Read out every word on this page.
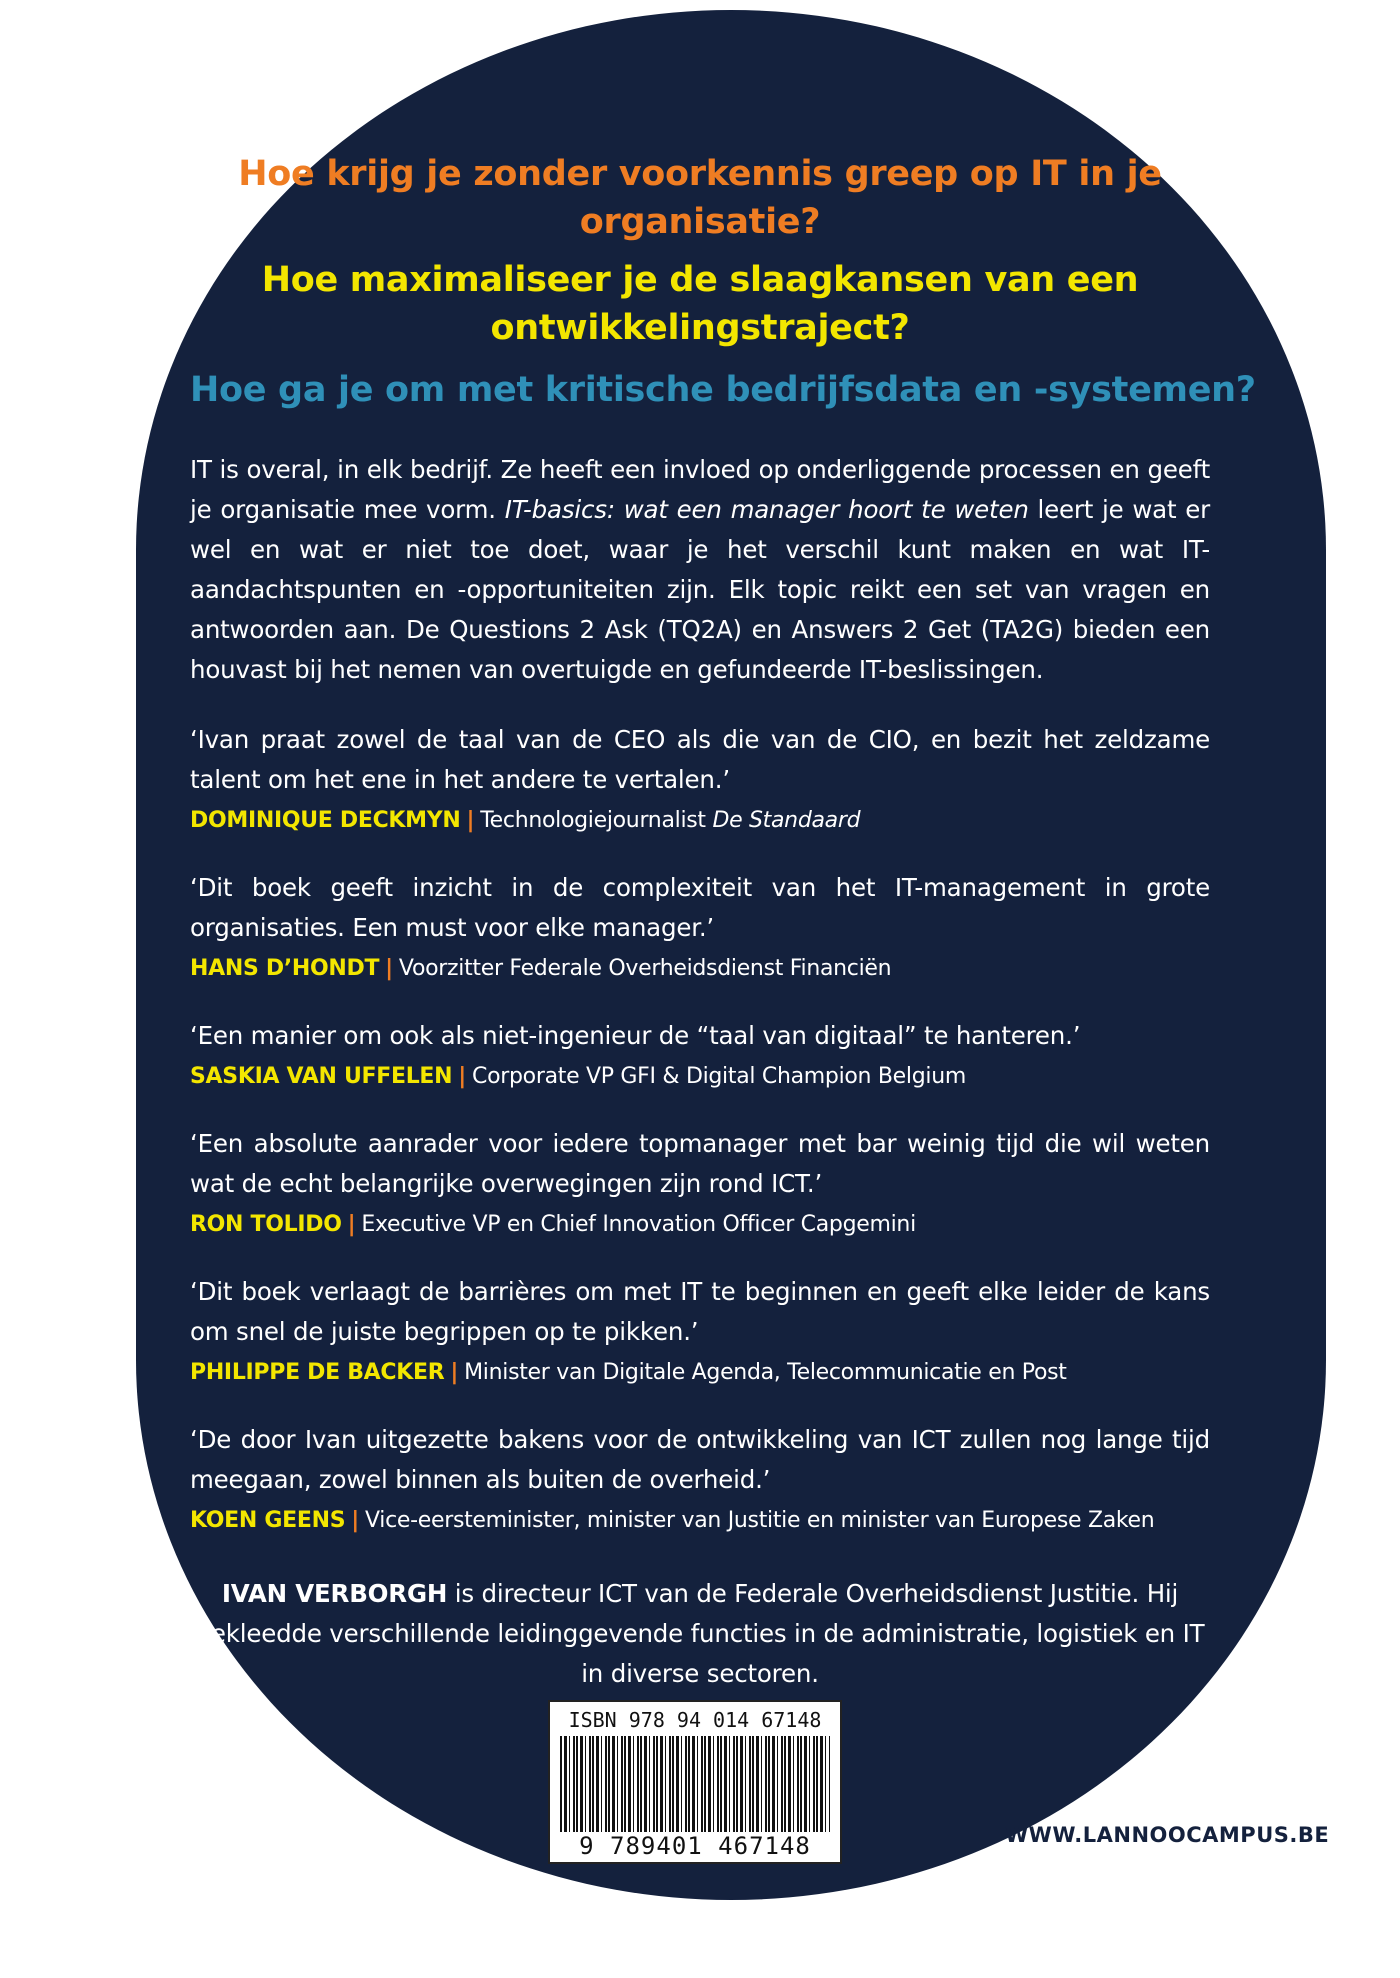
Hoe krijg je zonder voorkennis greep op IT in je organisatie?

Hoe maximaliseer je de slaagkansen van een ontwikkelingstraject?

Hoe ga je om met kritische bedrijfsdata en -systemen?

IT is overal, in elk bedrijf. Ze heeft een invloed op onderliggende processen en geeft je organisatie mee vorm. IT-basics: wat een manager hoort te weten leert je wat er wel en wat er niet toe doet, waar je het verschil kunt maken en wat IT-aandachtspunten en -opportuniteiten zijn. Elk topic reikt een set van vragen en antwoorden aan. De Questions 2 Ask (TQ2A) en Answers 2 Get (TA2G) bieden een houvast bij het nemen van overtuigde en gefundeerde IT-beslissingen.
‘Ivan praat zowel de taal van de CEO als die van de CIO, en bezit het zeldzame talent om het ene in het andere te vertalen.’
DOMINIQUE DECKMYN | Technologiejournalist De Standaard
‘Dit boek geeft inzicht in de complexiteit van het IT-management in grote organisaties. Een must voor elke manager.’
HANS D’HONDT | Voorzitter Federale Overheidsdienst Financiën
‘Een manier om ook als niet-ingenieur de “taal van digitaal” te hanteren.’
SASKIA VAN UFFELEN | Corporate VP GFI & Digital Champion Belgium
‘Een absolute aanrader voor iedere topmanager met bar weinig tijd die wil weten wat de echt belangrijke overwegingen zijn rond ICT.’
RON TOLIDO | Executive VP en Chief Innovation Officer Capgemini
‘Dit boek verlaagt de barrières om met IT te beginnen en geeft elke leider de kans om snel de juiste begrippen op te pikken.’
PHILIPPE DE BACKER | Minister van Digitale Agenda, Telecommunicatie en Post
‘De door Ivan uitgezette bakens voor de ontwikkeling van ICT zullen nog lange tijd meegaan, zowel binnen als buiten de overheid.’
KOEN GEENS | Vice-eersteminister, minister van Justitie en minister van Europese Zaken
IVAN VERBORGH is directeur ICT van de Federale Overheidsdienst Justitie. Hij bekleedde verschillende leidinggevende functies in de administratie, logistiek en IT in diverse sectoren.
ISBN 978 94 014 67148
9 789401 467148	WWW.LANNOOCAMPUS.BE
